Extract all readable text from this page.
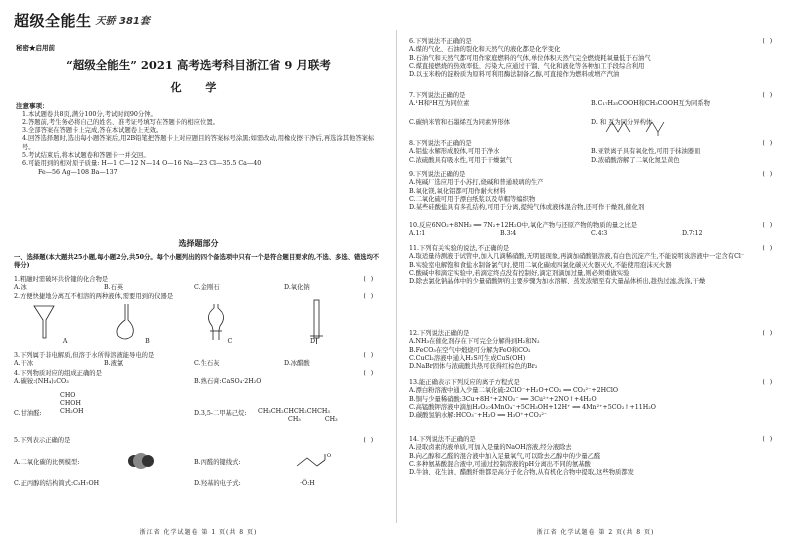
超级全能生 天骄 381套
秘密★启用前
“超级全能生” 2021 高考选考科目浙江省 9 月联考
化 学
注意事项：

1.本试题卷共8页,满分100分,考试时间90分钟。

2.答题前,考生务必将自己的姓名、准考证号填写在答题卡的相应位置。

3.全部答案在答题卡上完成,答在本试题卷上无效。

4.回答选择题时,选出每小题答案后,用2B铅笔把答题卡上对应题目的答案标号涂黑;如需改动,用橡皮擦干净后,再选涂其他答案标号。

5.考试结束后,将本试题卷和答题卡一并交回。

6.可能用到的相对原子质量: H—1 C—12 N—14 O—16 Na—23 Cl—35.5 Ca—40

Fe—56 Ag—108 Ba—137

选择题部分
一、选择题(本大题共25小题,每小题2分,共50分。每个小题列出的四个备选项中只有一个是符合题目要求的,不选、多选、错选均不得分)
1.粗融时需破坏共价键的化合物是	( )
A.冰	B.石英	C.金刚石	D.氧化钠
2.方便快捷地分离互不相溶的两种液体,需要用到的仪器是	( )
A	B	C	D
3.下列属于非电解质,但溶于水所得溶液能导电的是	( )
A.干冰	B.液氯	C.生石灰	D.冰醋酸
4.下列物质对应的组成正确的是	( )
A.碳铵:(NH₄)₂CO₃	B.熟石膏:CaSO₄·2H₂O
C.甘油醛:	D.3,5-二甲基己烷:
CHO
CHOH
CH₂OH	CH₃CH₂CHCH₂CHCH₃
CH₃	CH₃
5.下列表示正确的是	( )
A.二氧化碳的比例模型:	B.丙醛的键线式:
O
C.正丙醇的结构简式:C₃H₇OH	D.羟基的电子式:	·Ö:H
浙江省 化学试题卷 第 1 页(共 8 页)
6.下列说法不正确的是	( )
A.煤的气化、石油的裂化和天然气的液化都是化学变化
B.石油气和天然气都可用作家庭燃料的气体,单位体积天然气完全燃烧耗氧量低于石油气
C.煤直接燃烧的热效率低、污染大,应通过干馏、气化和液化等各种加工手段综合利用
D.以玉米粉的淀粉质为原料可利用酶法制备乙醇,可直接作为燃料或增产汽油
7.下列说法正确的是	( )
A.¹H和²H互为同位素	B.C₁₇H₃₅COOH和CH₃COOH互为同系物
C.碳纳米管和石墨烯互为同素异形体	D. 和 互为同分异构体
8.下列说法不正确的是	( )
A.铝盐水解形成胶体,可用于净水	B.亚铁离子具有氧化性,可用于抹油器皿
C.浓硫酸具有吸水性,可用于干燥氯气	D.浓硝酸溶解了二氧化氮呈黄色
9.下列说法正确的是	( )
A.纯碱厂选应用于小苏打,烧碱和普通玻璃的生产
B.氧化镁,氧化铝都可用作耐火材料
C.二氧化硫可用于漂白纸浆以及草帽等编织物
D.某些硅酸盐具有多孔结构,可用于分离,提纯气体或液体混合物,还可作干燥剂,催化剂
10.反应6NO₂+8NH₃ ══ 7N₂+12H₂O中,氧化产物与还原产物的物质的量之比是	( )
A.1∶1	B.3∶4	C.4∶3	D.7∶12
11.下列有关实验的说法,不正确的是	( )
A.取适量待测液于试管中,加入几滴稀硝酸,无明显现象,再滴加硝酸银溶液,有白色沉淀产生,不能说明该溶液中一定含有Cl⁻
B.实验室电解饱和食盐水制备氯气时,使用二氧化碳或四氯化碳灭火器灭火,不能使用泡沫灭火器
C.酸碱中和滴定实验中,若滴定终点没有控制好,滴定剂滴加过量,则必须重做实验
D.除去氯化钠晶体中的少量硝酸钾的主要步骤为加水溶解、蒸发浓缩至有大量晶体析出,趁热过滤,洗涤,干燥
12.下列说法正确的是	( )
A.NH₃在催化剂存在下可完全分解得到H₂和N₂
B.FeCO₃在空气中煅烧可分解为FeO和CO₂
C.CuCl₂溶液中通入H₂S可生成CuS(OH)
D.NaBr固体与浓硫酸共热可获得红棕色的Br₂
13.能正确表示下列反应的离子方程式是	( )
A.漂白粉溶液中通入少量二氧化硫:2ClO⁻+H₂O+CO₂ ══ CO₃²⁻+2HClO
B.铜与少量稀硝酸:3Cu+8H⁺+2NO₃⁻ ══ 3Cu²⁺+2NO↑+4H₂O
C.高锰酸钾溶液中滴加H₂O₂:4MnO₄⁻+5CH₃OH+12H⁺ ══ 4Mn²⁺+5CO₂↑+11H₂O
D.碳酸氢钠水解:HCO₃⁻+H₂O ══ H₃O⁺+CO₃²⁻
14.下列说法不正确的是	( )
A.浸取卤素的液单质,可加入是量的NaOH溶液,经分液除去
B.向乙醇和乙醛的混合液中加入足量氧气,可以除去乙醇中的少量乙醛
C.多种氨基酸混合液中,可通过控制溶液的pH分离出不同的氨基酸
D.牛油、花生油、醋酸纤维都是高分子化合物,从有机化合物中提取,这些物质都发
浙江省 化学试题卷 第 2 页(共 8 页)
